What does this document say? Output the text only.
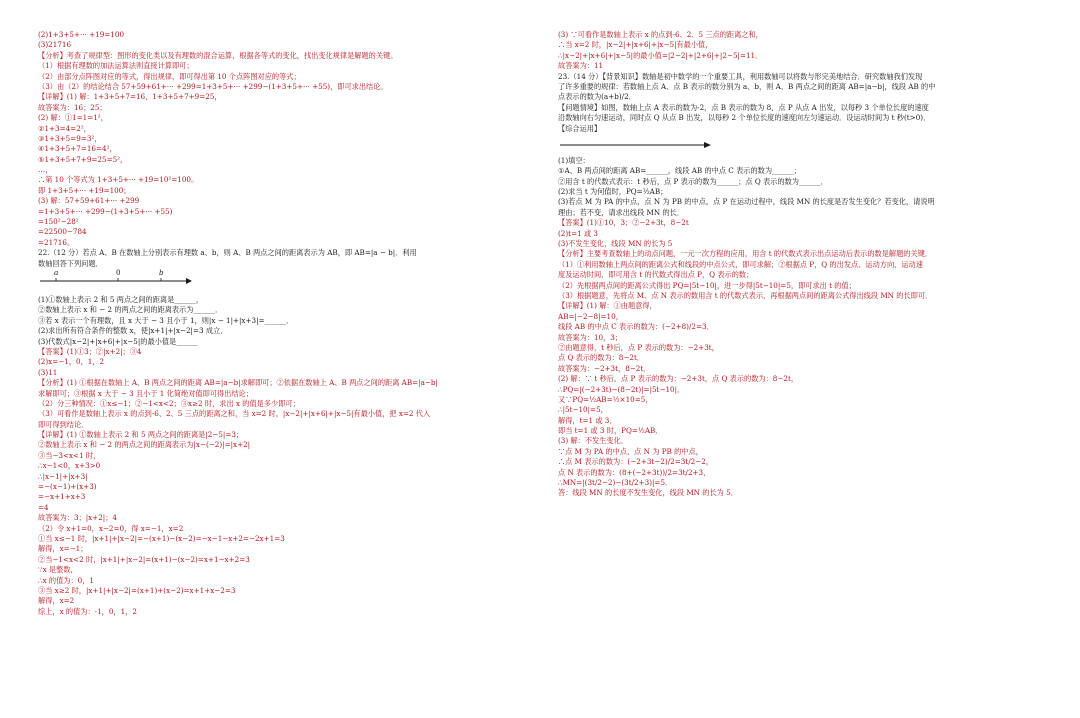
(2)1+3+5+··· +19=100
(3)21716
【分析】考查了规律型：图形的变化类以及有理数的混合运算，根据各等式的变化，找出变化规律是解题的关键。
（1）根据有理数的加法运算法则直接计算即可；
（2）由部分点阵图对应的等式，得出规律，即可得出第 10 个点阵图对应的等式；
（3）由（2）的结论结合 57+59+61+··· +299=1+3+5+··· +299−(1+3+5+··· +55)，即可求出结论。
【详解】(1) 解：1+3+5+7=16，1+3+5+7+9=25，
故答案为：16；25；
(2) 解：①1=1=1²，
②1+3=4=2²，
③1+3+5=9=3²，
④1+3+5+7=16=4²，
⑤1+3+5+7+9=25=5²，
…，
∴第 10 个等式为 1+3+5+··· +19=10²=100。
即 1+3+5+··· +19=100；
(3) 解：57+59+61+··· +299
=1+3+5+··· +299−(1+3+5+··· +55)
=150²−28²
=22500−784
=21716。
22.（12 分）若点 A、B 在数轴上分别表示有理数 a、b，则 A、B 两点之间的距离表示为 AB，即 AB=|a − b|．利用
数轴回答下列问题．
a	0	b
(1)①数轴上表示 2 和 5 两点之间的距离是______，
②数轴上表示 x 和 − 2 的两点之间的距离表示为______．
③若 x 表示一个有理数，且 x 大于 − 3 且小于 1，则|x − 1|+|x+3|=______．
(2)求出所有符合条件的整数 x，使|x+1|+|x−2|=3 成立．
(3)代数式|x−2|+|x+6|+|x−5|的最小值是______
【答案】(1)①3；②|x+2|；③4
(2)x=−1，0，1，2
(3)11
【分析】(1) ①根据在数轴上 A、B 两点之间的距离 AB=|a−b|求解即可；②依据在数轴上 A、B 两点之间的距离 AB=|a−b|
求解即可；③根据 x 大于 − 3 且小于 1 化简绝对值即可得出结论；
（2）分三种情况：①x≤−1；②−1<x<2；③x≥2 时，求出 x 的值是多少即可；
（3）可看作是数轴上表示 x 的点到-6、2、5 三点的距离之和，当 x=2 时，|x−2|+|x+6|+|x−5|有最小值，把 x=2 代入
即可得到结论．
【详解】(1) ①数轴上表示 2 和 5 两点之间的距离是|2−5|=3；
②数轴上表示 x 和 − 2 的两点之间的距离表示为|x−(−2)|=|x+2|
③当−3<x<1 时，
∴x−1<0，x+3>0
∴|x−1|+|x+3|
=−(x−1)+(x+3)
=−x+1+x+3
=4
故答案为：3；|x+2|；4
（2）令 x+1=0，x−2=0，得 x=−1，x=2
①当 x≤−1 时，|x+1|+|x−2|=−(x+1)−(x−2)=−x−1−x+2=−2x+1=3
解得，x=−1；
②当−1<x<2 时，|x+1|+|x−2|=(x+1)−(x−2)=x+1−x+2=3
∵x 是整数，
∴x 的值为：0，1
③当 x≥2 时，|x+1|+|x−2|=(x+1)+(x−2)=x+1+x−2=3
解得，x=2
综上，x 的值为：-1，0，1，2
(3) ∵可看作是数轴上表示 x 的点到-6、2、5 三点的距离之和，
∴当 x=2 时，|x−2|+|x+6|+|x−5|有最小值，
∴|x−2|+|x+6|+|x−5|的最小值=|2−2|+|2+6|+|2−5|=11．
故答案为：11
23.（14 分）【背景知识】数轴是初中数学的一个重要工具，利用数轴可以将数与形完美地结合．研究数轴我们发现
了许多重要的规律：若数轴上点 A、点 B 表示的数分别为 a、b，则 A、B 两点之间的距离 AB=|a−b|，线段 AB 的中
点表示的数为(a+b)/2．
【问题情境】如图，数轴上点 A 表示的数为-2，点 B 表示的数为 8，点 P 从点 A 出发，以每秒 3 个单位长度的速度
沿数轴向右匀速运动，同时点 Q 从点 B 出发，以每秒 2 个单位长度的速度向左匀速运动．设运动时间为 t 秒(t>0)．
【综合运用】
(1)填空：
①A、B 两点间的距离 AB=______，线段 AB 的中点 C 表示的数为______；
②用含 t 的代数式表示：t 秒后，点 P 表示的数为______；点 Q 表示的数为______．
(2)求当 t 为何值时，PQ=½AB；
(3)若点 M 为 PA 的中点，点 N 为 PB 的中点，点 P 在运动过程中，线段 MN 的长度是否发生变化？若变化，请说明
理由；若不变，请求出线段 MN 的长．
【答案】(1)①10，3；②−2+3t，8−2t
(2)t=1 或 3
(3)不发生变化，线段 MN 的长为 5
【分析】主要考查数轴上的动点问题，一元一次方程的应用，用含 t 的代数式表示出点运动后表示的数是解题的关键．
（1）①利用数轴上两点间的距离公式和线段的中点公式，即可求解；②根据点 P，Q 的出发点、运动方向、运动速
度及运动时间，即可用含 t 的代数式得出点 P，Q 表示的数；
（2）先根据两点间的距离公式得出 PQ=|5t−10|，进一步得|5t−10|=5，即可求出 t 的值；
（3）根据题意，先将点 M、点 N 表示的数用含 t 的代数式表示，再根据两点间的距离公式得出线段 MN 的长即可．
【详解】(1) 解：①由题意得，
AB=|−2−8|=10，
线段 AB 的中点 C 表示的数为：(−2+8)/2=3．
故答案为：10，3；
②由题意得，t 秒后，点 P 表示的数为：−2+3t，
点 Q 表示的数为：8−2t．
故答案为：−2+3t，8−2t．
(2) 解：∵ t 秒后，点 P 表示的数为：−2+3t，点 Q 表示的数为：8−2t，
∴PQ=|(−2+3t)−(8−2t)|=|5t−10|．
又∵PQ=½AB=½×10=5，
∴|5t−10|=5，
解得，t=1 或 3．
即当 t=1 或 3 时，PQ=½AB．
(3) 解：不发生变化．
∵点 M 为 PA 的中点，点 N 为 PB 的中点，
∴点 M 表示的数为：(−2+3t−2)/2=3t/2−2，
点 N 表示的数为：(8+(−2+3t))/2=3t/2+3，
∴MN=|(3t/2−2)−(3t/2+3)|=5．
答：线段 MN 的长度不发生变化，线段 MN 的长为 5．
